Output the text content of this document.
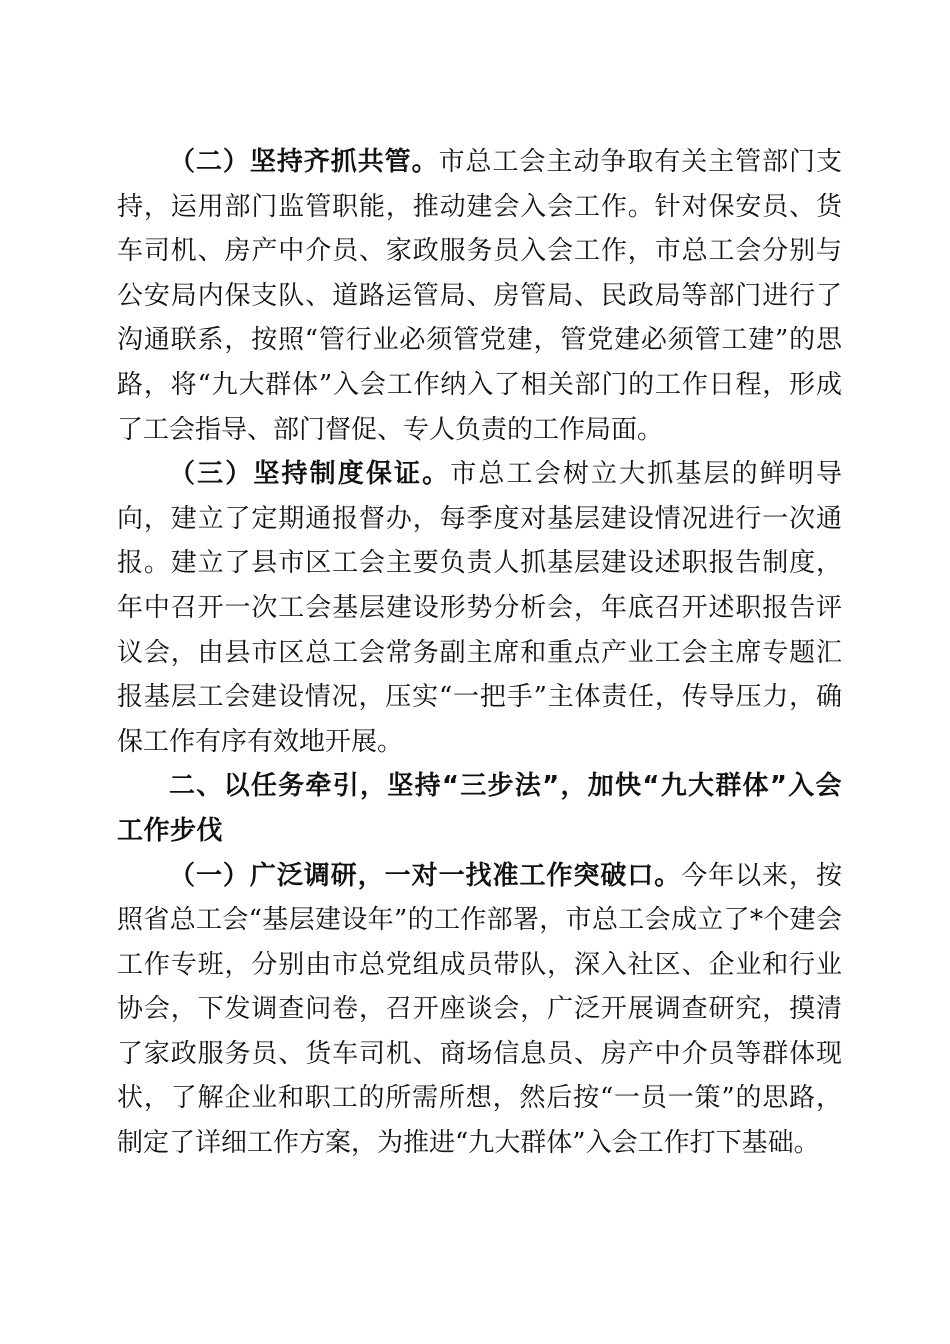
（二）坚持齐抓共管。市总工会主动争取有关主管部门支持，运用部门监管职能，推动建会入会工作。针对保安员、货车司机、房产中介员、家政服务员入会工作，市总工会分别与公安局内保支队、道路运管局、房管局、民政局等部门进行了沟通联系，按照“管行业必须管党建，管党建必须管工建”的思路，将“九大群体”入会工作纳入了相关部门的工作日程，形成了工会指导、部门督促、专人负责的工作局面。

（三）坚持制度保证。市总工会树立大抓基层的鲜明导向，建立了定期通报督办，每季度对基层建设情况进行一次通报。建立了县市区工会主要负责人抓基层建设述职报告制度，年中召开一次工会基层建设形势分析会，年底召开述职报告评议会，由县市区总工会常务副主席和重点产业工会主席专题汇报基层工会建设情况，压实“一把手”主体责任，传导压力，确保工作有序有效地开展。

二、以任务牵引，坚持“三步法”，加快“九大群体”入会工作步伐

（一）广泛调研，一对一找准工作突破口。今年以来，按照省总工会“基层建设年”的工作部署，市总工会成立了*个建会工作专班，分别由市总党组成员带队，深入社区、企业和行业协会，下发调查问卷，召开座谈会，广泛开展调查研究，摸清了家政服务员、货车司机、商场信息员、房产中介员等群体现状，了解企业和职工的所需所想，然后按“一员一策”的思路，制定了详细工作方案，为推进“九大群体”入会工作打下基础。
